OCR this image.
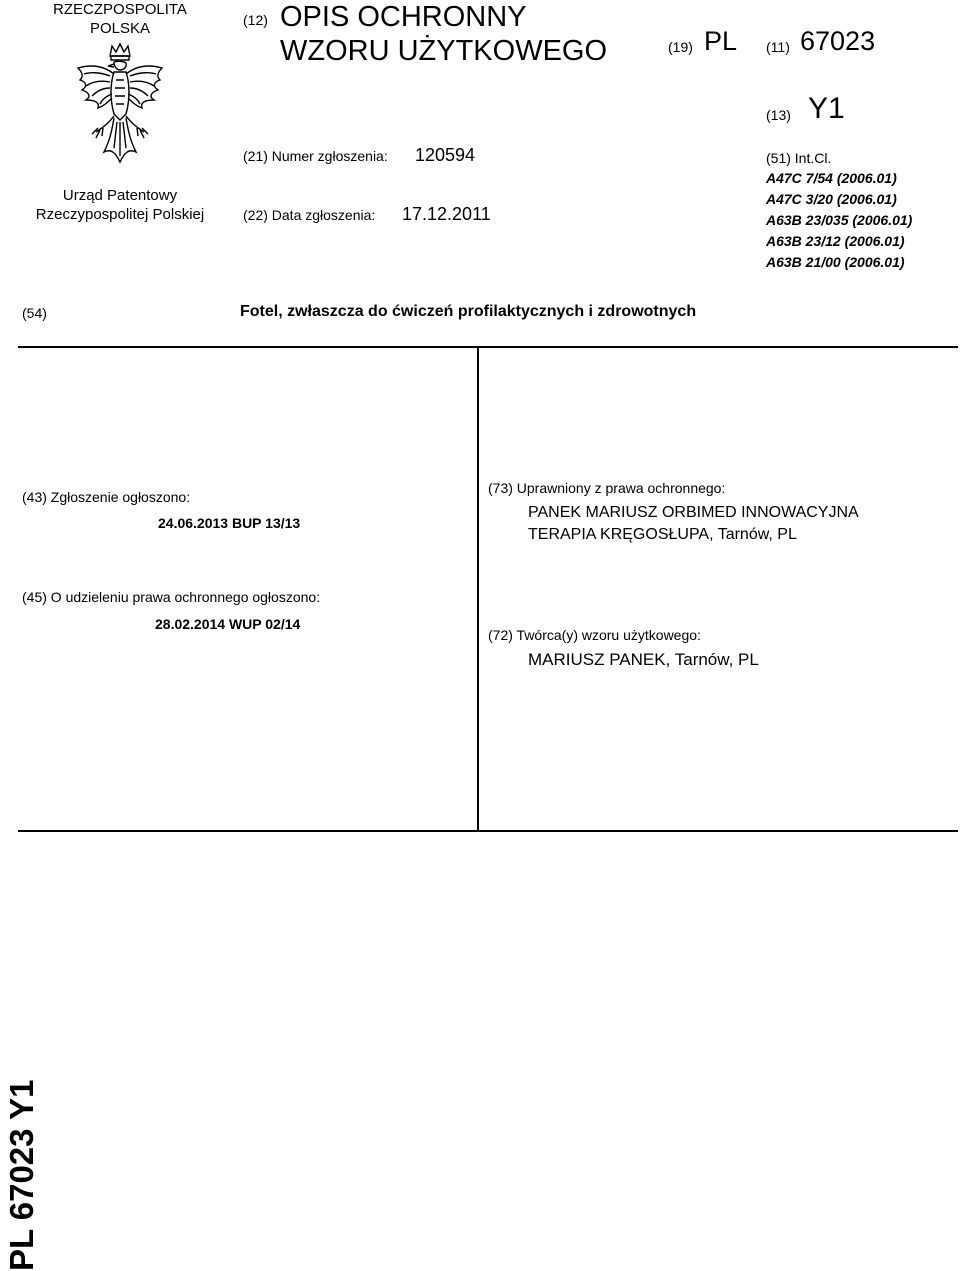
RZECZPOSPOLITA POLSKA
Urząd Patentowy Rzeczypospolitej Polskiej
(12) OPIS OCHRONNY
WZORU UŻYTKOWEGO	(19) PL (11) 67023
(13) Y1
(21) Numer zgłoszenia: 120594
(22) Data zgłoszenia: 17.12.2011
(51) Int.Cl.
A47C 7/54 (2006.01)
A47C 3/20 (2006.01)
A63B 23/035 (2006.01)
A63B 23/12 (2006.01)
A63B 21/00 (2006.01)
(54)	Fotel, zwłaszcza do ćwiczeń profilaktycznych i zdrowotnych
(43) Zgłoszenie ogłoszono:
24.06.2013 BUP 13/13
(73) Uprawniony z prawa ochronnego:
PANEK MARIUSZ ORBIMED INNOWACYJNA
TERAPIA KRĘGOSŁUPA, Tarnów, PL
(45) O udzieleniu prawa ochronnego ogłoszono:
28.02.2014 WUP 02/14
(72) Twórca(y) wzoru użytkowego:
MARIUSZ PANEK, Tarnów, PL
PL 67023 Y1
